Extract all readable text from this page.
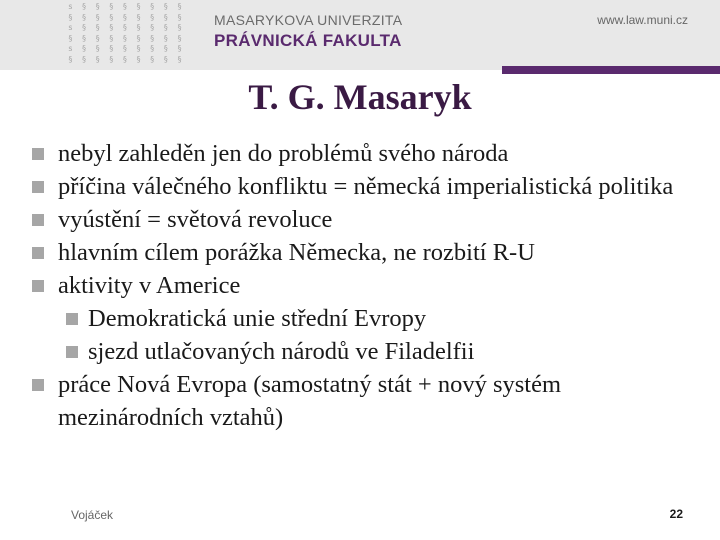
s § § § § § § § §
§ § § § § § § § §
s § § § § § § § §
§ § § § § § § § §
s § § § § § § § §
§ § § § § § § § §
MASARYKOVA UNIVERZITA
PRÁVNICKÁ FAKULTA
www.law.muni.cz
T. G. Masaryk
nebyl zahleděn jen do problémů svého národa
příčina válečného konfliktu = německá imperialistická politika
vyústění = světová revoluce
hlavním cílem porážka Německa, ne rozbití R-U
aktivity v Americe
Demokratická unie střední Evropy
sjezd utlačovaných národů ve Filadelfii
práce Nová Evropa (samostatný stát + nový systém mezinárodních vztahů)
Vojáček	22
